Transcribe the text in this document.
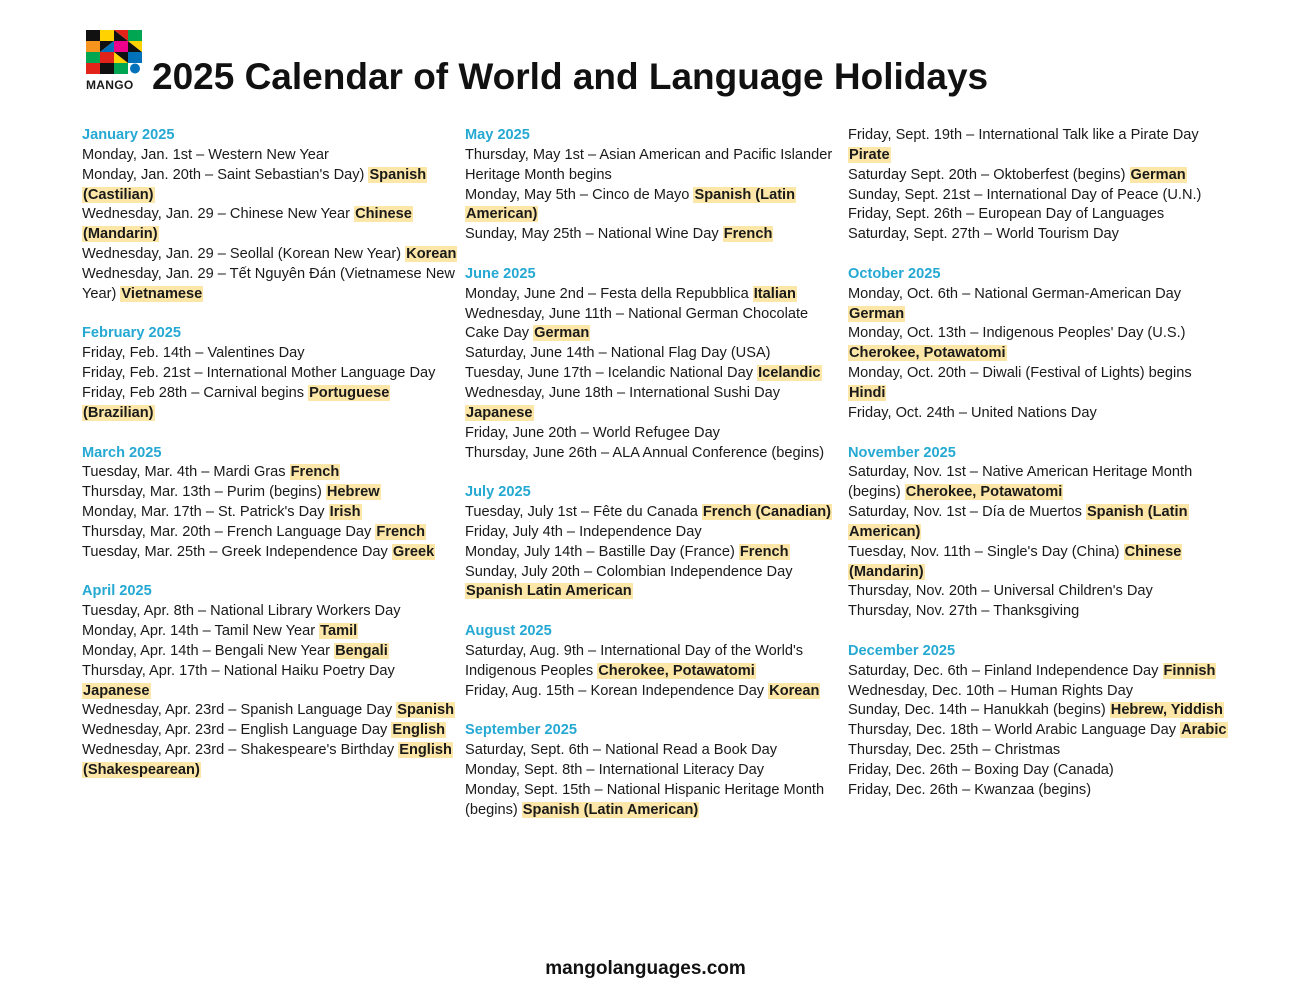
MANGO 2025 Calendar of World and Language Holidays
January 2025
Monday, Jan. 1st – Western New Year
Monday, Jan. 20th – Saint Sebastian's Day) Spanish (Castilian)
Wednesday, Jan. 29 – Chinese New Year Chinese (Mandarin)
Wednesday, Jan. 29 – Seollal (Korean New Year) Korean
Wednesday, Jan. 29 – Tết Nguyên Đán (Vietnamese New Year) Vietnamese
February 2025
Friday, Feb. 14th – Valentines Day
Friday, Feb. 21st – International Mother Language Day
Friday, Feb 28th – Carnival begins Portuguese (Brazilian)
March 2025
Tuesday, Mar. 4th – Mardi Gras French
Thursday, Mar. 13th – Purim (begins) Hebrew
Monday, Mar. 17th – St. Patrick's Day Irish
Thursday, Mar. 20th – French Language Day French
Tuesday, Mar. 25th – Greek Independence Day Greek
April 2025
Tuesday, Apr. 8th – National Library Workers Day
Monday, Apr. 14th – Tamil New Year Tamil
Monday, Apr. 14th – Bengali New Year Bengali
Thursday, Apr. 17th – National Haiku Poetry Day Japanese
Wednesday, Apr. 23rd – Spanish Language Day Spanish
Wednesday, Apr. 23rd – English Language Day English
Wednesday, Apr. 23rd – Shakespeare's Birthday English (Shakespearean)
May 2025
Thursday, May 1st – Asian American and Pacific Islander Heritage Month begins
Monday, May 5th – Cinco de Mayo Spanish (Latin American)
Sunday, May 25th – National Wine Day French
June 2025
Monday, June 2nd – Festa della Repubblica Italian
Wednesday, June 11th – National German Chocolate Cake Day German
Saturday, June 14th – National Flag Day (USA)
Tuesday, June 17th – Icelandic National Day Icelandic
Wednesday, June 18th – International Sushi Day Japanese
Friday, June 20th – World Refugee Day
Thursday, June 26th – ALA Annual Conference (begins)
July 2025
Tuesday, July 1st – Fête du Canada French (Canadian)
Friday, July 4th – Independence Day
Monday, July 14th – Bastille Day (France) French
Sunday, July 20th – Colombian Independence Day Spanish Latin American
August 2025
Saturday, Aug. 9th – International Day of the World's Indigenous Peoples Cherokee, Potawatomi
Friday, Aug. 15th – Korean Independence Day Korean
September 2025
Saturday, Sept. 6th – National Read a Book Day
Monday, Sept. 8th – International Literacy Day
Monday, Sept. 15th – National Hispanic Heritage Month (begins) Spanish (Latin American)
Friday, Sept. 19th – International Talk like a Pirate Day Pirate
Saturday Sept. 20th – Oktoberfest (begins) German
Sunday, Sept. 21st – International Day of Peace (U.N.)
Friday, Sept. 26th – European Day of Languages
Saturday, Sept. 27th – World Tourism Day
October 2025
Monday, Oct. 6th – National German-American Day German
Monday, Oct. 13th – Indigenous Peoples' Day (U.S.) Cherokee, Potawatomi
Monday, Oct. 20th – Diwali (Festival of Lights) begins Hindi
Friday, Oct. 24th – United Nations Day
November 2025
Saturday, Nov. 1st – Native American Heritage Month (begins) Cherokee, Potawatomi
Saturday, Nov. 1st – Día de Muertos Spanish (Latin American)
Tuesday, Nov. 11th – Single's Day (China) Chinese (Mandarin)
Thursday, Nov. 20th – Universal Children's Day
Thursday, Nov. 27th – Thanksgiving
December 2025
Saturday, Dec. 6th – Finland Independence Day Finnish
Wednesday, Dec. 10th – Human Rights Day
Sunday, Dec. 14th – Hanukkah (begins) Hebrew, Yiddish
Thursday, Dec. 18th – World Arabic Language Day Arabic
Thursday, Dec. 25th – Christmas
Friday, Dec. 26th – Boxing Day (Canada)
Friday, Dec. 26th – Kwanzaa (begins)
mangolanguages.com
